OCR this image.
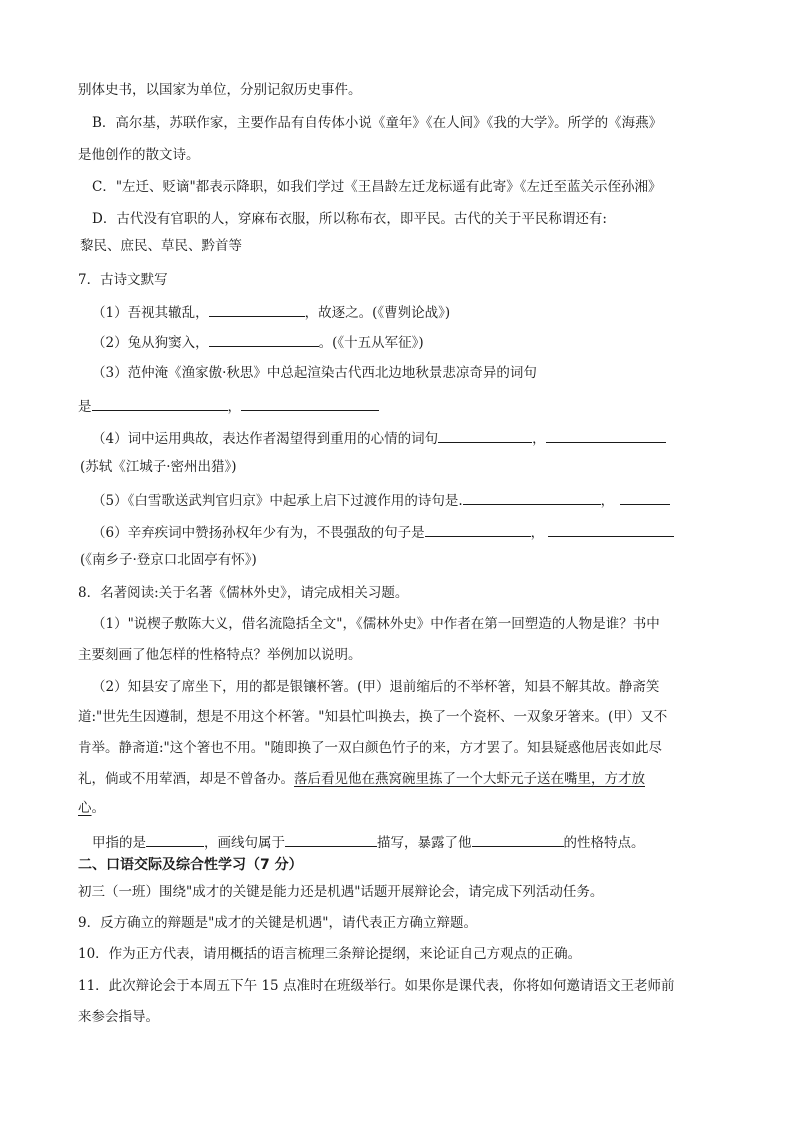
别体史书，以国家为单位，分别记叙历史事件。
B．高尔基，苏联作家，主要作品有自传体小说《童年》《在人间》《我的大学》。所学的《海燕》
是他创作的散文诗。
C．"左迁、贬谪"都表示降职，如我们学过《王昌龄左迁龙标遥有此寄》《左迁至蓝关示侄孙湘》
D．古代没有官职的人，穿麻布衣服，所以称布衣，即平民。古代的关于平民称谓还有:
黎民、庶民、草民、黔首等
7．古诗文默写
（1）吾视其辙乱，	，故逐之。(《曹刿论战》)
（2）兔从狗窦入，	。(《十五从军征》)
（3）范仲淹《渔家傲·秋思》中总起渲染古代西北边地秋景悲凉奇异的词句
是	，
（4）词中运用典故，表达作者渴望得到重用的心情的词句	，
(苏轼《江城子·密州出猎》)
（5）《白雪歌送武判官归京》中起承上启下过渡作用的诗句是.	，
（6）辛弃疾词中赞扬孙权年少有为，不畏强敌的句子是	，
(《南乡子·登京口北固亭有怀》)
8．名著阅读:关于名著《儒林外史》，请完成相关习题。
（1）"说楔子敷陈大义，借名流隐括全文"，《儒林外史》中作者在第一回塑造的人物是谁？书中
主要刻画了他怎样的性格特点？举例加以说明。
（2）知县安了席坐下，用的都是银镶杯箸。(甲）退前缩后的不举杯箸，知县不解其故。静斋笑
道:"世先生因遵制，想是不用这个杯箸。"知县忙叫换去，换了一个瓷杯、一双象牙箸来。(甲）又不
肯举。静斋道:"这个箸也不用。"随即换了一双白颜色竹子的来，方才罢了。知县疑惑他居丧如此尽
礼，倘或不用荤酒，却是不曾备办。落后看见他在燕窝碗里拣了一个大虾元子送在嘴里，方才放
心。
甲指的是	，画线句属于	描写，暴露了他	的性格特点。
二、口语交际及综合性学习（7 分）
初三（一班）围绕"成才的关键是能力还是机遇"话题开展辩论会，请完成下列活动任务。
9．反方确立的辩题是"成才的关键是机遇"，请代表正方确立辩题。
10．作为正方代表，请用概括的语言梳理三条辩论提纲，来论证自己方观点的正确。
11．此次辩论会于本周五下午 15 点准时在班级举行。如果你是课代表，你将如何邀请语文王老师前
来参会指导。
